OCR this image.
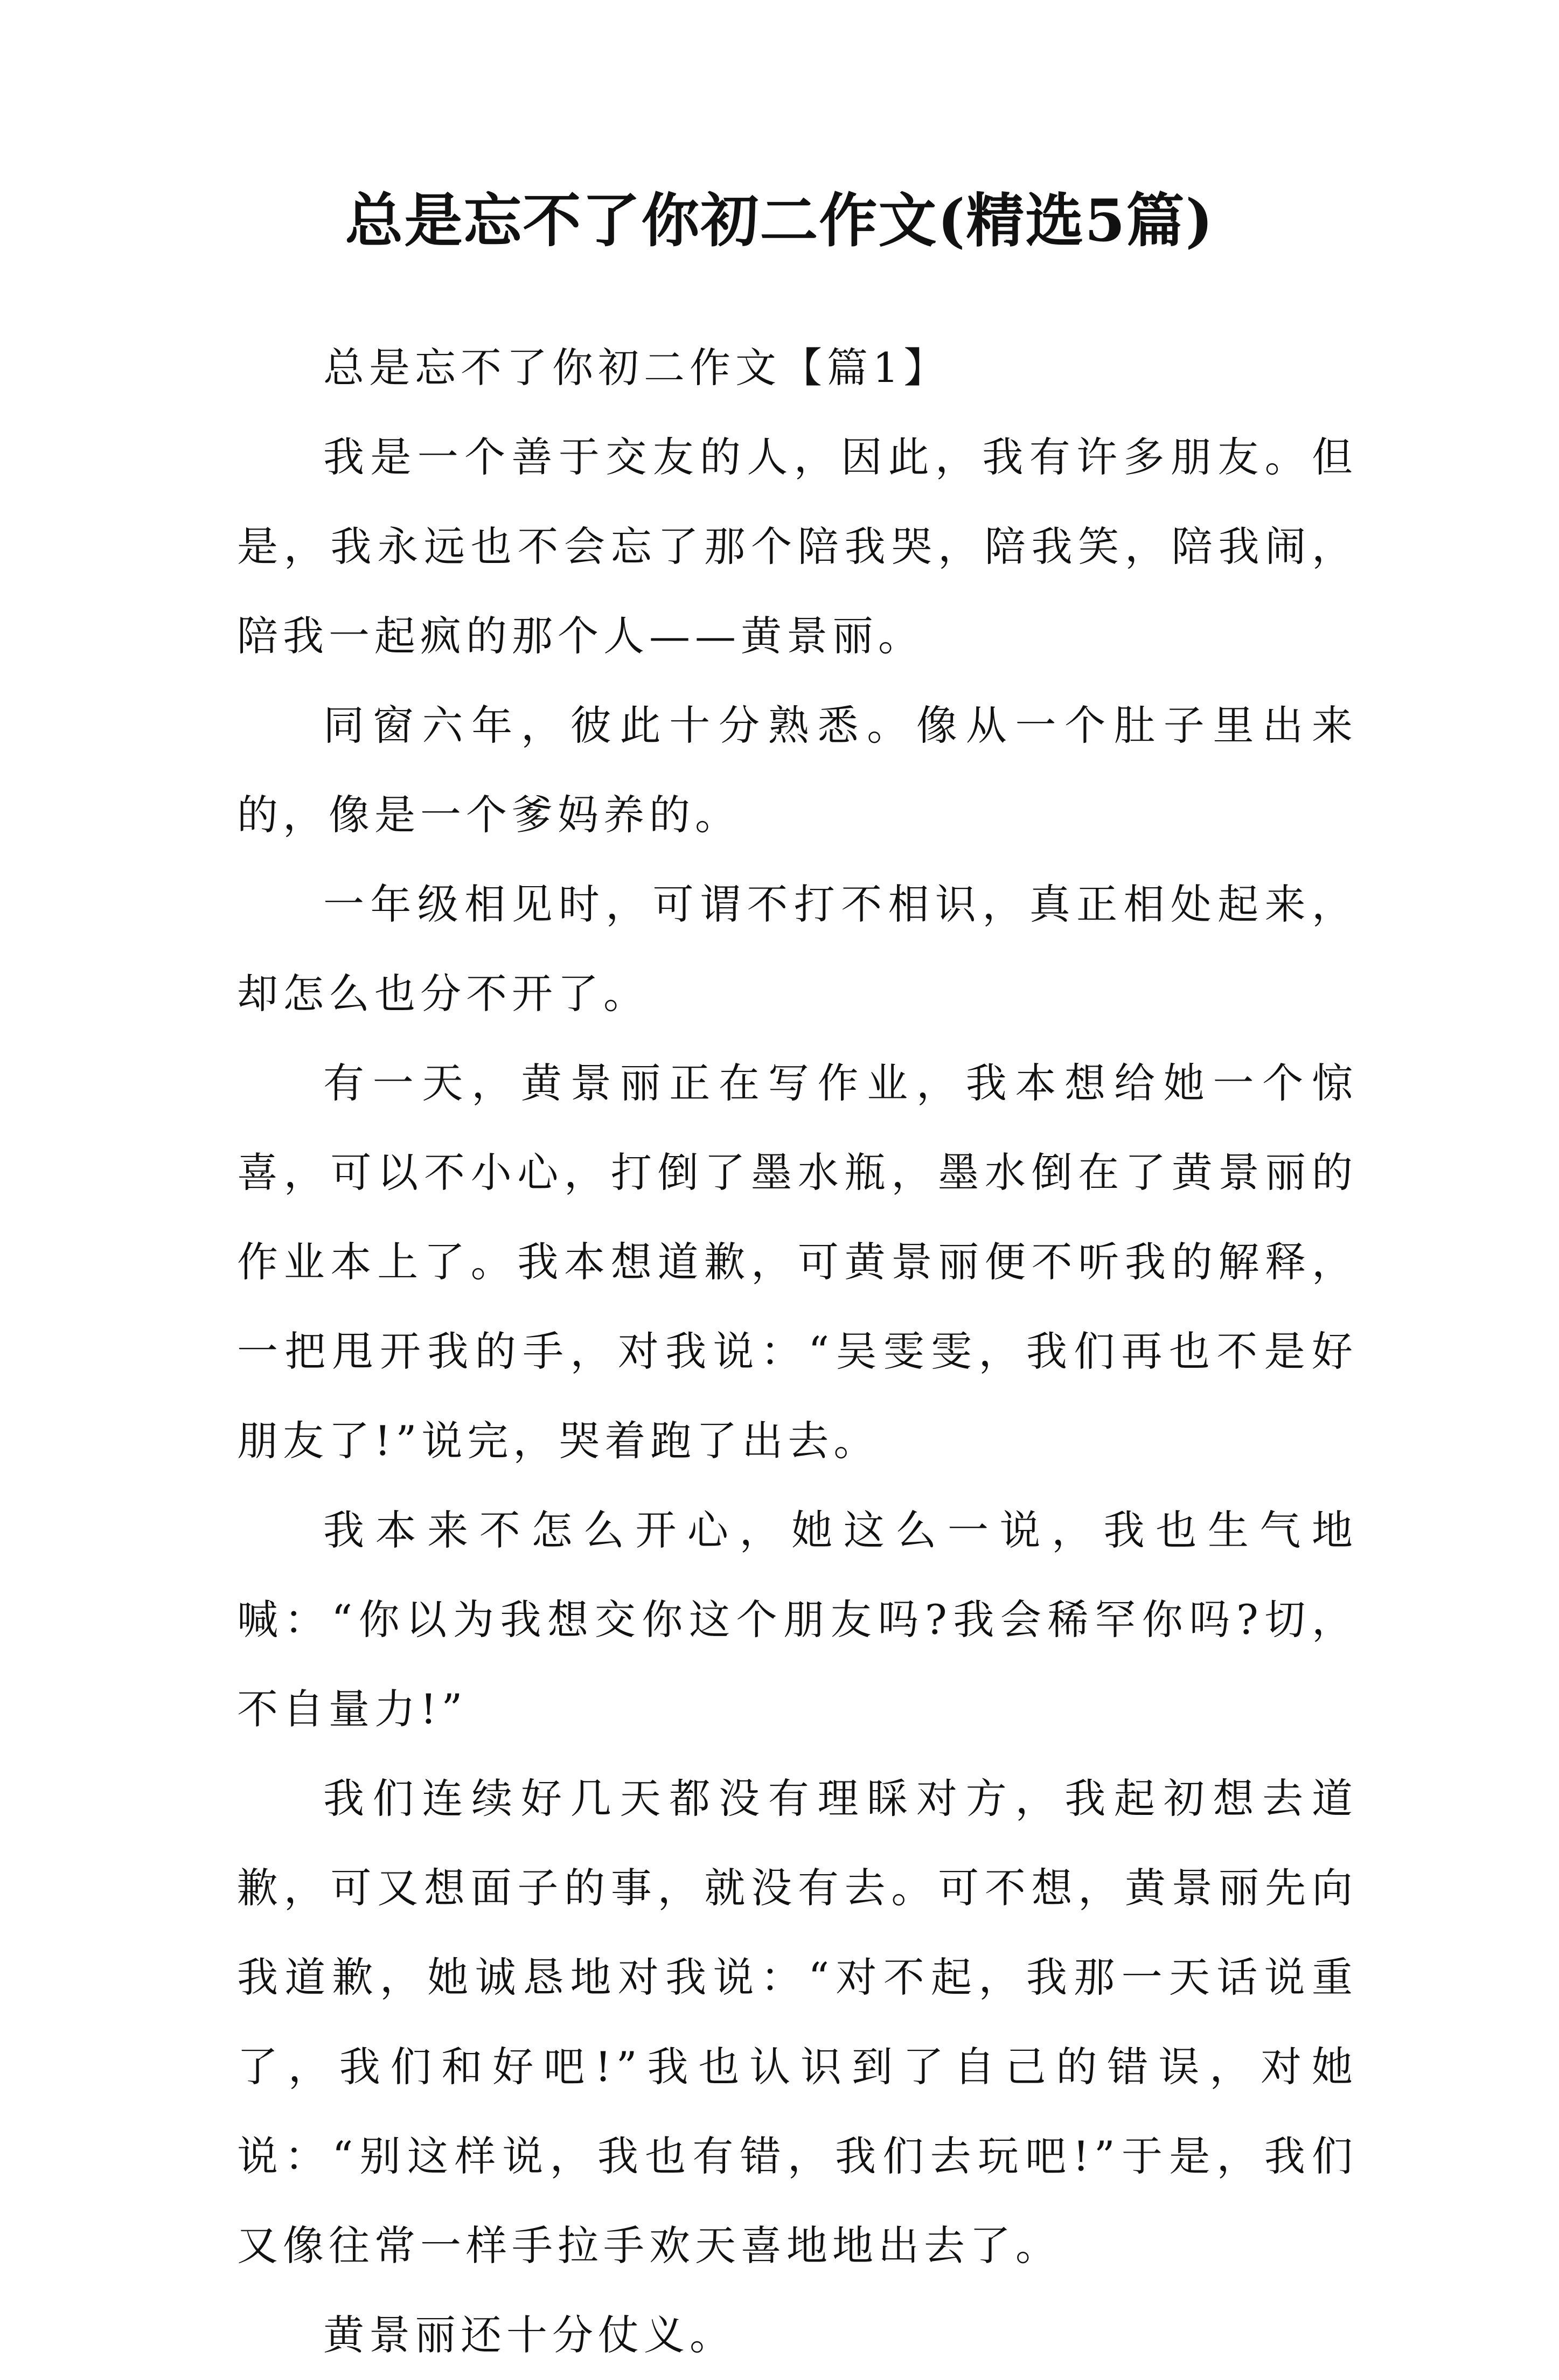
总是忘不了你初二作文(精选5篇)

总是忘不了你初二作文【篇1】

我是一个善于交友的人，因此，我有许多朋友。但是，我永远也不会忘了那个陪我哭，陪我笑，陪我闹，陪我一起疯的那个人——黄景丽。

同窗六年，彼此十分熟悉。像从一个肚子里出来的，像是一个爹妈养的。

一年级相见时，可谓不打不相识，真正相处起来，却怎么也分不开了。

有一天，黄景丽正在写作业，我本想给她一个惊喜，可以不小心，打倒了墨水瓶，墨水倒在了黄景丽的作业本上了。我本想道歉，可黄景丽便不听我的解释，一把甩开我的手，对我说：“吴雯雯，我们再也不是好朋友了!”说完，哭着跑了出去。

我本来不怎么开心，她这么一说，我也生气地喊：“你以为我想交你这个朋友吗?我会稀罕你吗?切，不自量力!”

我们连续好几天都没有理睬对方，我起初想去道歉，可又想面子的事，就没有去。可不想，黄景丽先向我道歉，她诚恳地对我说：“对不起，我那一天话说重了，我们和好吧!”我也认识到了自己的错误，对她说：“别这样说，我也有错，我们去玩吧!”于是，我们又像往常一样手拉手欢天喜地地出去了。

黄景丽还十分仗义。
